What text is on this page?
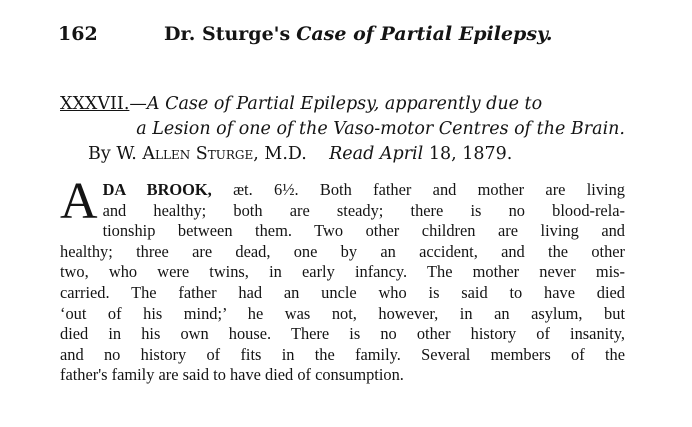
162	Dr. Sturge's Case of Partial Epilepsy.
XXXVII.—A Case of Partial Epilepsy, apparently due to
a Lesion of one of the Vaso-motor Centres of the Brain.
By W. Allen Sturge, M.D. Read April 18, 1879.
A DA BROOK, æt. 6½. Both father and mother are living
and healthy; both are steady; there is no blood-rela-
tionship between them. Two other children are living and
healthy; three are dead, one by an accident, and the other
two, who were twins, in early infancy. The mother never mis-
carried. The father had an uncle who is said to have died
‘out of his mind;’ he was not, however, in an asylum, but
died in his own house. There is no other history of insanity,
and no history of fits in the family. Several members of the
father's family are said to have died of consumption.
